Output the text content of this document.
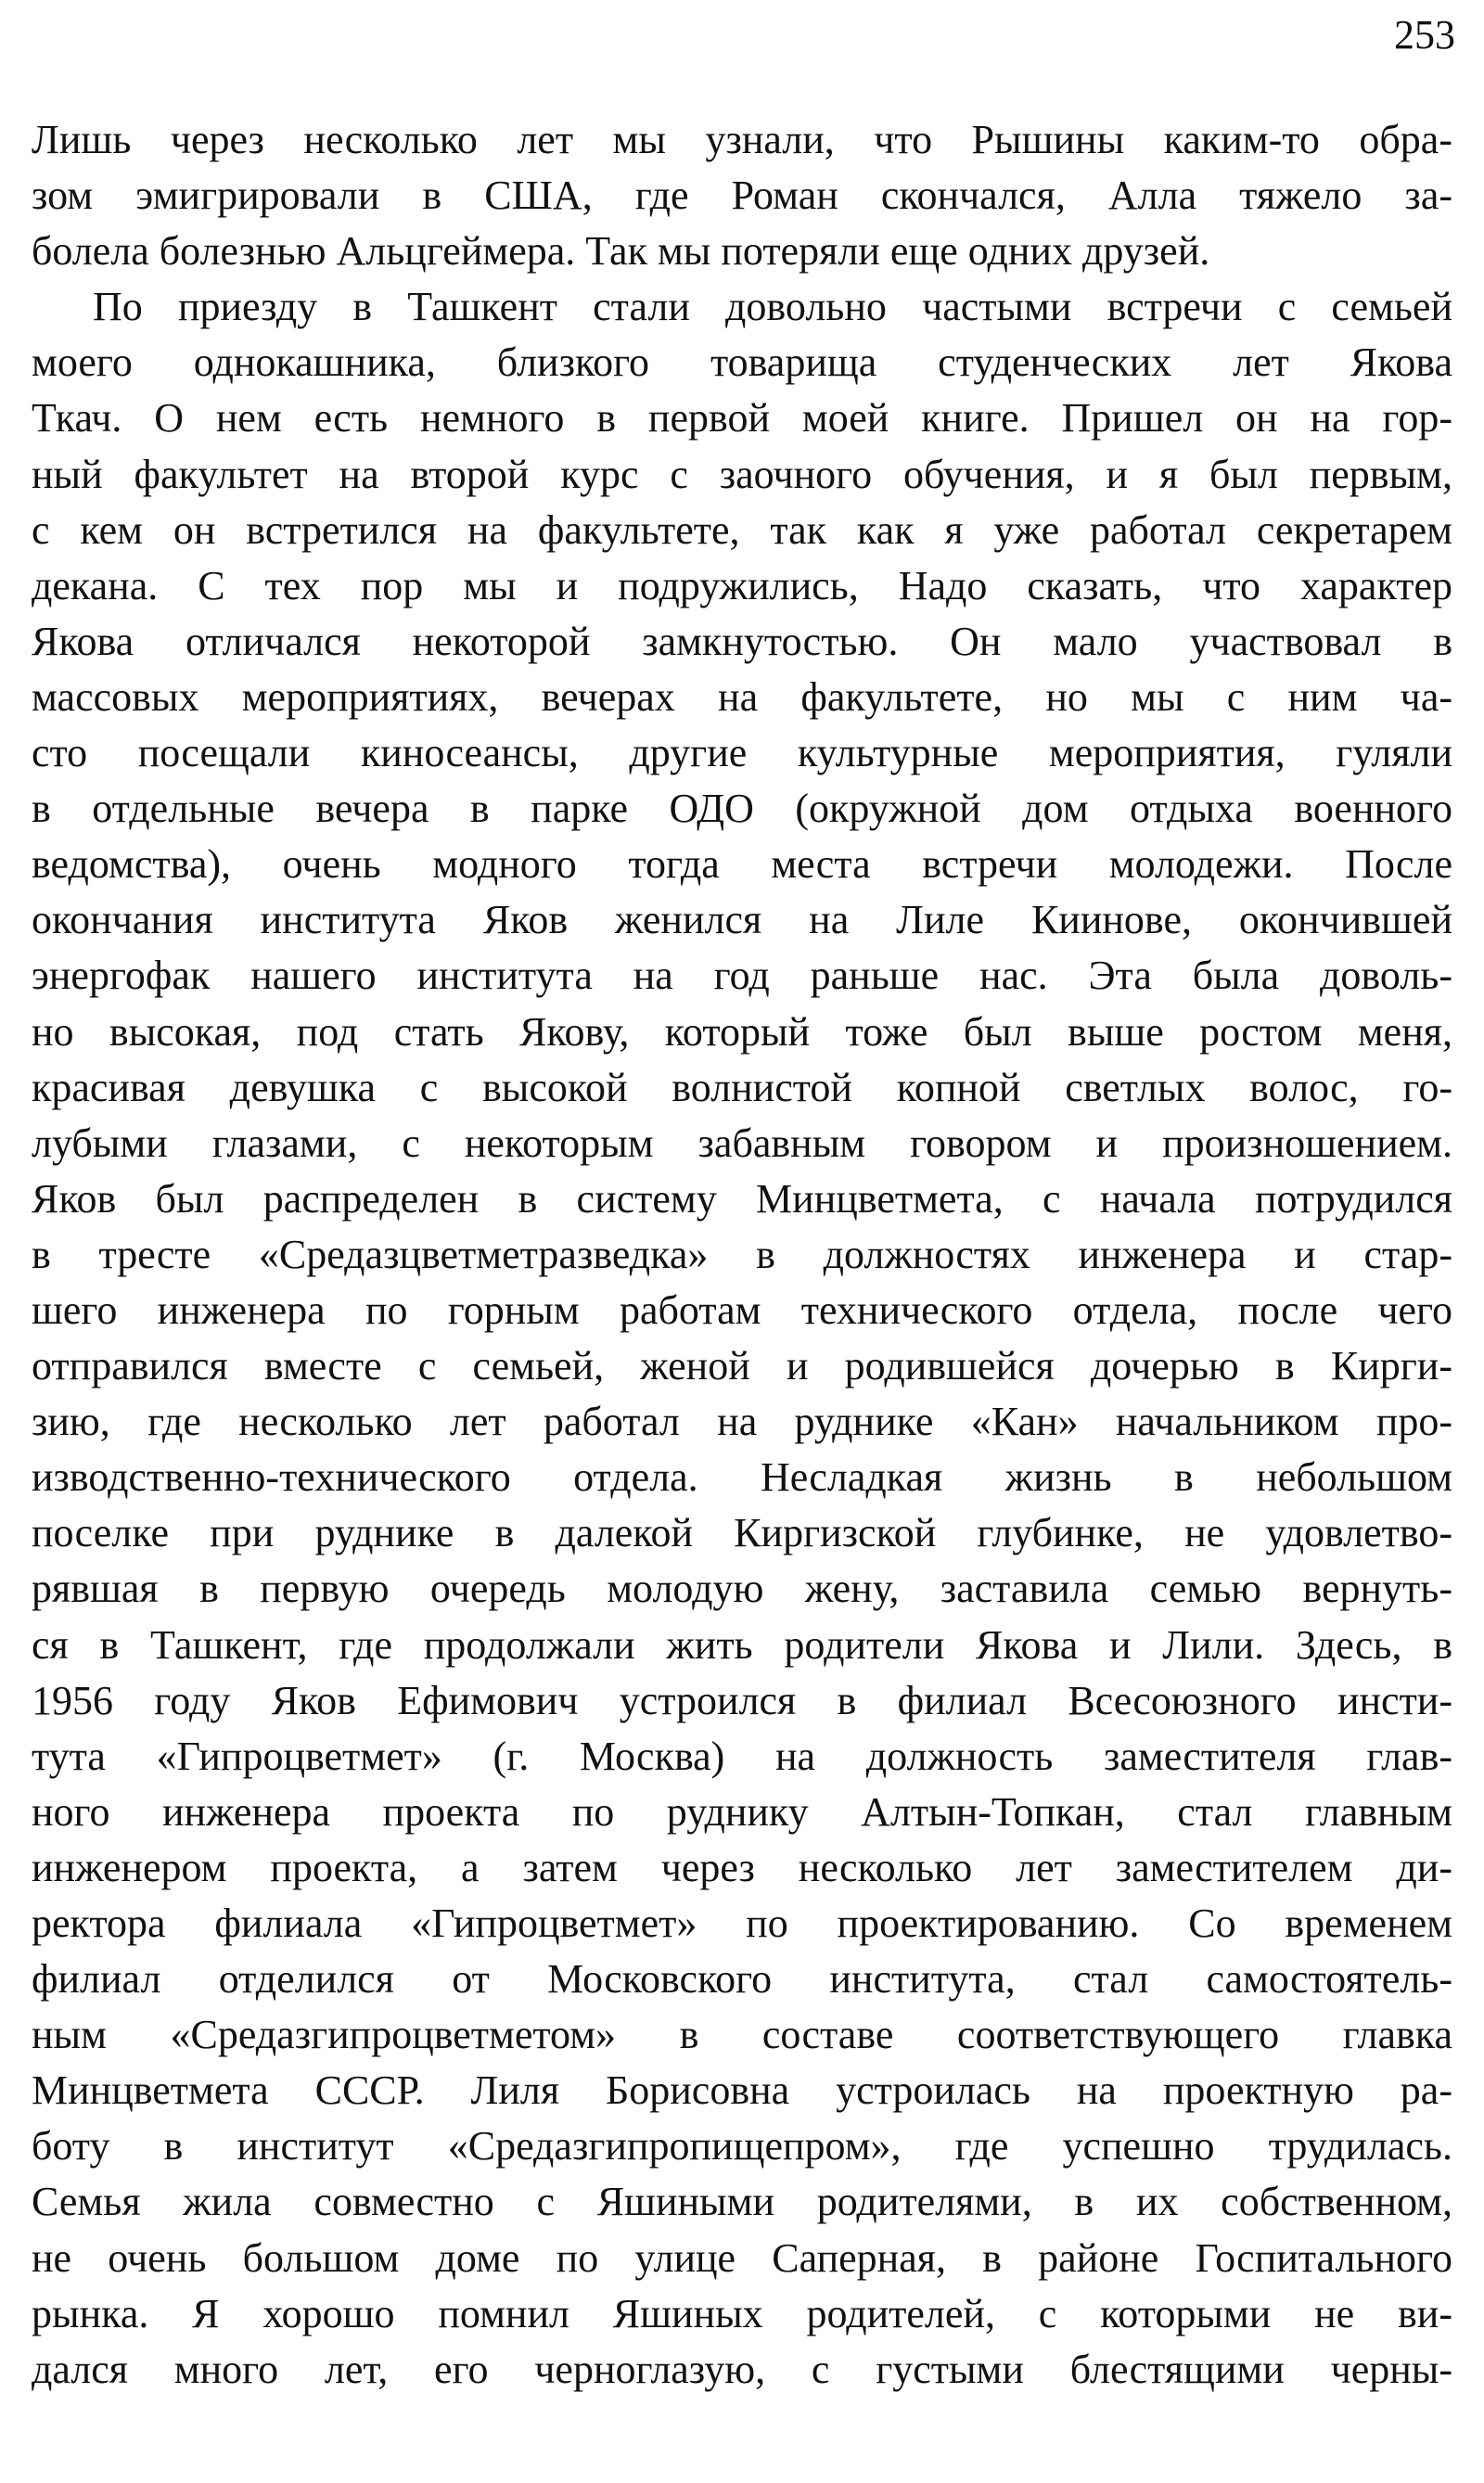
253
Лишь через несколько лет мы узнали, что Рышины каким-то обра-
зом эмигрировали в США, где Роман скончался, Алла тяжело за-
болела болезнью Альцгеймера. Так мы потеряли еще одних друзей.
По приезду в Ташкент стали довольно частыми встречи с семьей
моего однокашника, близкого товарища студенческих лет Якова
Ткач. О нем есть немного в первой моей книге. Пришел он на гор-
ный факультет на второй курс с заочного обучения, и я был первым,
с кем он встретился на факультете, так как я уже работал секретарем
декана. С тех пор мы и подружились, Надо сказать, что характер
Якова отличался некоторой замкнутостью. Он мало участвовал в
массовых мероприятиях, вечерах на факультете, но мы с ним ча-
сто посещали киносеансы, другие культурные мероприятия, гуляли
в отдельные вечера в парке ОДО (окружной дом отдыха военного
ведомства), очень модного тогда места встречи молодежи. После
окончания института Яков женился на Лиле Киинове, окончившей
энергофак нашего института на год раньше нас. Эта была доволь-
но высокая, под стать Якову, который тоже был выше ростом меня,
красивая девушка с высокой волнистой копной светлых волос, го-
лубыми глазами, с некоторым забавным говором и произношением.
Яков был распределен в систему Минцветмета, с начала потрудился
в тресте «Средазцветметразведка» в должностях инженера и стар-
шего инженера по горным работам технического отдела, после чего
отправился вместе с семьей, женой и родившейся дочерью в Кирги-
зию, где несколько лет работал на руднике «Кан» начальником про-
изводственно-технического отдела. Несладкая жизнь в небольшом
поселке при руднике в далекой Киргизской глубинке, не удовлетво-
рявшая в первую очередь молодую жену, заставила семью вернуть-
ся в Ташкент, где продолжали жить родители Якова и Лили. Здесь, в
1956 году Яков Ефимович устроился в филиал Всесоюзного инсти-
тута «Гипроцветмет» (г. Москва) на должность заместителя глав-
ного инженера проекта по руднику Алтын-Топкан, стал главным
инженером проекта, а затем через несколько лет заместителем ди-
ректора филиала «Гипроцветмет» по проектированию. Со временем
филиал отделился от Московского института, стал самостоятель-
ным «Средазгипроцветметом» в составе соответствующего главка
Минцветмета СССР. Лиля Борисовна устроилась на проектную ра-
боту в институт «Средазгипропищепром», где успешно трудилась.
Семья жила совместно с Яшиными родителями, в их собственном,
не очень большом доме по улице Саперная, в районе Госпитального
рынка. Я хорошо помнил Яшиных родителей, с которыми не ви-
дался много лет, его черноглазую, с густыми блестящими черны-
